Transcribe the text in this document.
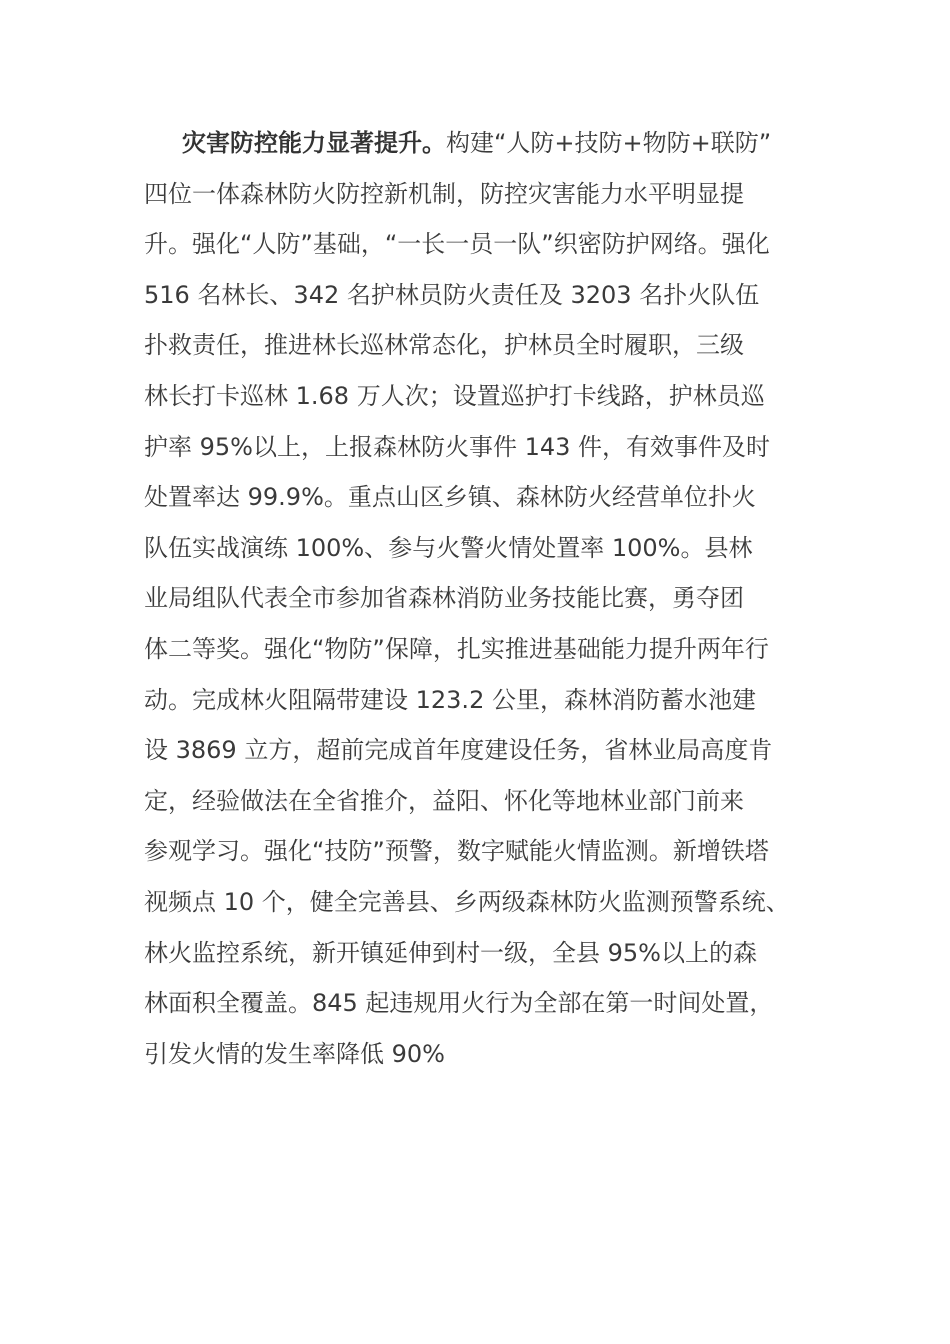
灾害防控能力显著提升。构建“人防+技防+物防+联防”
四位一体森林防火防控新机制，防控灾害能力水平明显提
升。强化“人防”基础，“一长一员一队”织密防护网络。强化
516 名林长、342 名护林员防火责任及 3203 名扑火队伍
扑救责任，推进林长巡林常态化，护林员全时履职，三级
林长打卡巡林 1.68 万人次；设置巡护打卡线路，护林员巡
护率 95%以上，上报森林防火事件 143 件，有效事件及时
处置率达 99.9%。重点山区乡镇、森林防火经营单位扑火
队伍实战演练 100%、参与火警火情处置率 100%。县林
业局组队代表全市参加省森林消防业务技能比赛，勇夺团
体二等奖。强化“物防”保障，扎实推进基础能力提升两年行
动。完成林火阻隔带建设 123.2 公里，森林消防蓄水池建
设 3869 立方，超前完成首年度建设任务，省林业局高度肯
定，经验做法在全省推介，益阳、怀化等地林业部门前来
参观学习。强化“技防”预警，数字赋能火情监测。新增铁塔
视频点 10 个，健全完善县、乡两级森林防火监测预警系统、
林火监控系统，新开镇延伸到村一级，全县 95%以上的森
林面积全覆盖。845 起违规用火行为全部在第一时间处置，
引发火情的发生率降低 90%
